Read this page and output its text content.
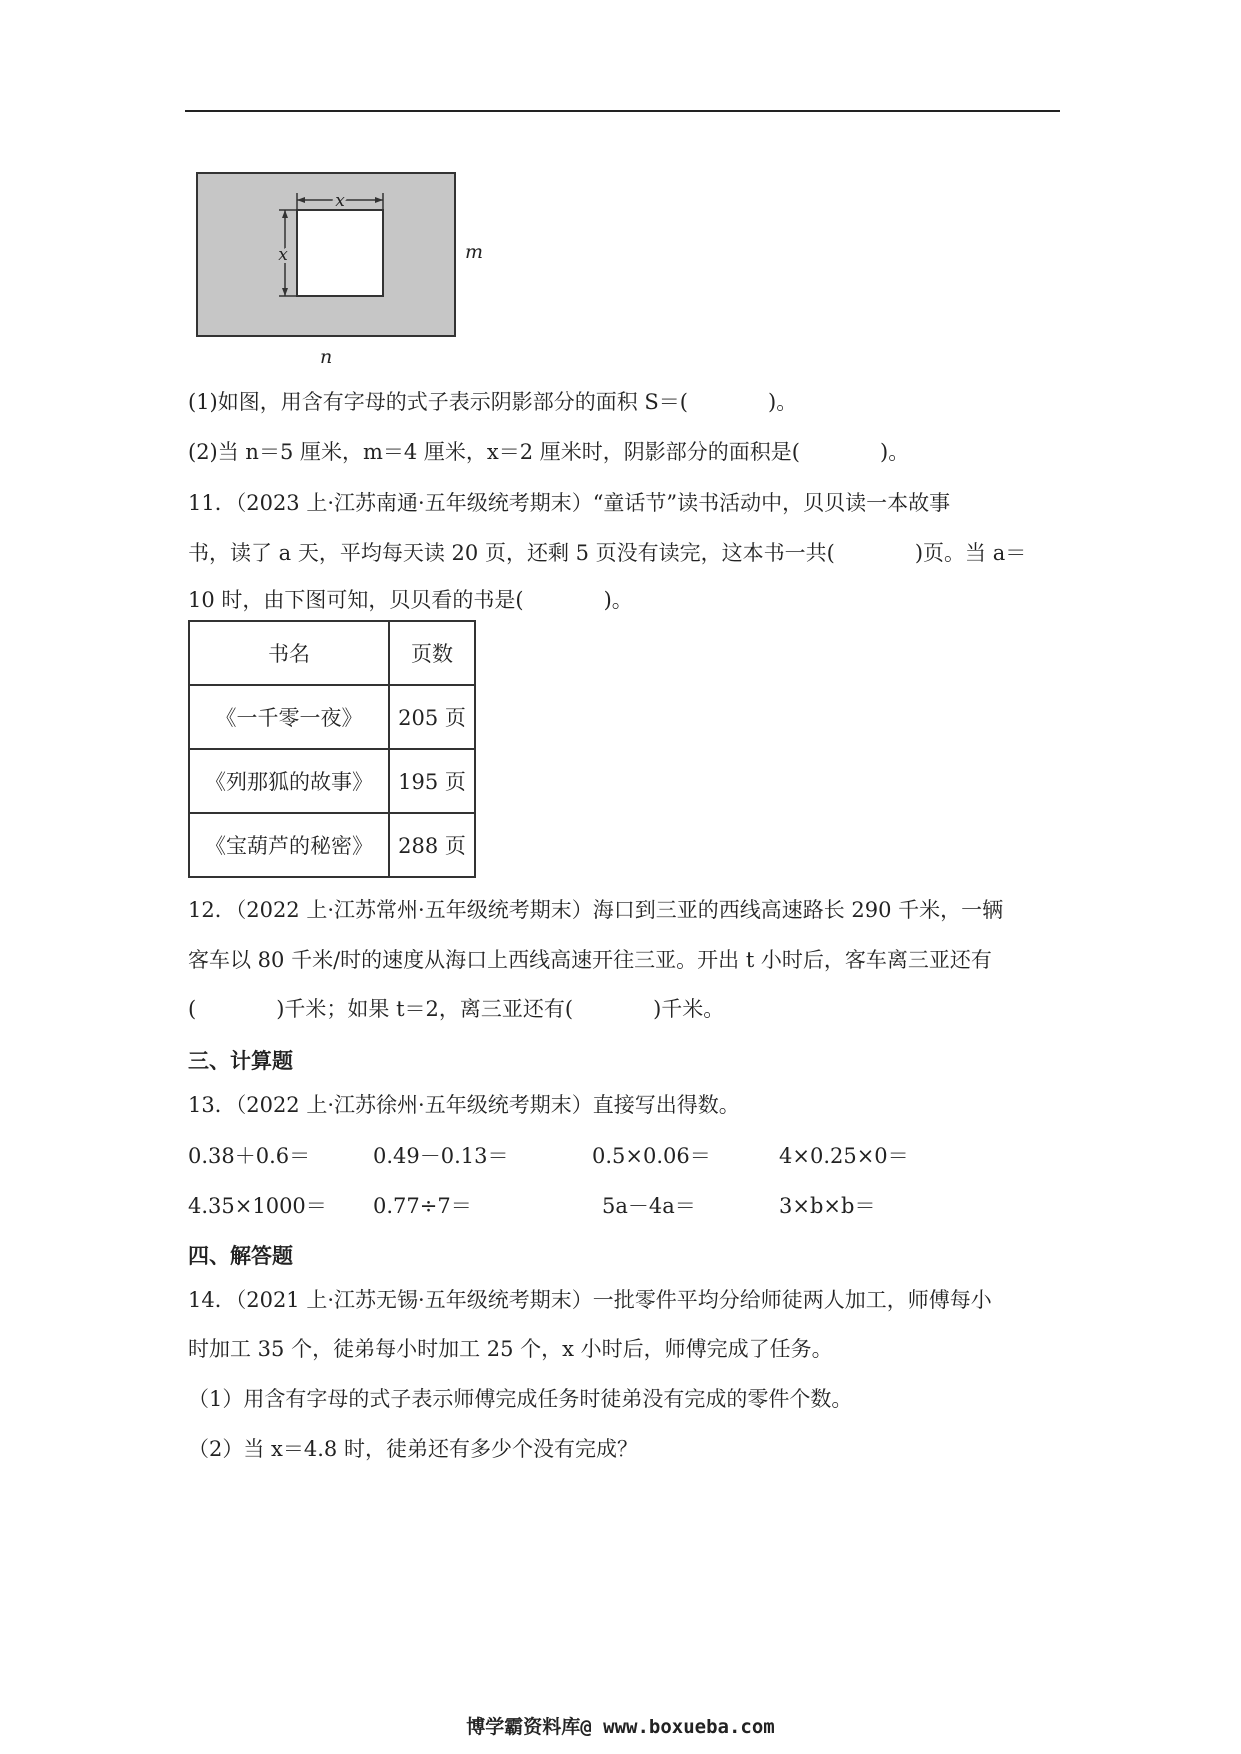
x
x	m
n
(1)如图，用含有字母的式子表示阴影部分的面积 S＝(	)。
(2)当 n＝5 厘米，m＝4 厘米，x＝2 厘米时，阴影部分的面积是(	)。
11．（2023 上·江苏南通·五年级统考期末）“童话节”读书活动中，贝贝读一本故事
书，读了 a 天，平均每天读 20 页，还剩 5 页没有读完，这本书一共(	)页。当 a＝
10 时，由下图可知，贝贝看的书是(	)。
书名	页数
《一千零一夜》	205 页
《列那狐的故事》	195 页
《宝葫芦的秘密》	288 页
12．（2022 上·江苏常州·五年级统考期末）海口到三亚的西线高速路长 290 千米，一辆
客车以 80 千米/时的速度从海口上西线高速开往三亚。开出 t 小时后，客车离三亚还有
(	)千米；如果 t＝2，离三亚还有(	)千米。
三、计算题
13．（2022 上·江苏徐州·五年级统考期末）直接写出得数。
0.38＋0.6＝	0.49－0.13＝	0.5×0.06＝	4×0.25×0＝
4.35×1000＝ 0.77÷7＝	5a－4a＝	3×b×b＝
四、解答题
14．（2021 上·江苏无锡·五年级统考期末）一批零件平均分给师徒两人加工，师傅每小
时加工 35 个，徒弟每小时加工 25 个，x 小时后，师傅完成了任务。
（1）用含有字母的式子表示师傅完成任务时徒弟没有完成的零件个数。
（2）当 x＝4.8 时，徒弟还有多少个没有完成？
博学霸资料库@ www.boxueba.com
